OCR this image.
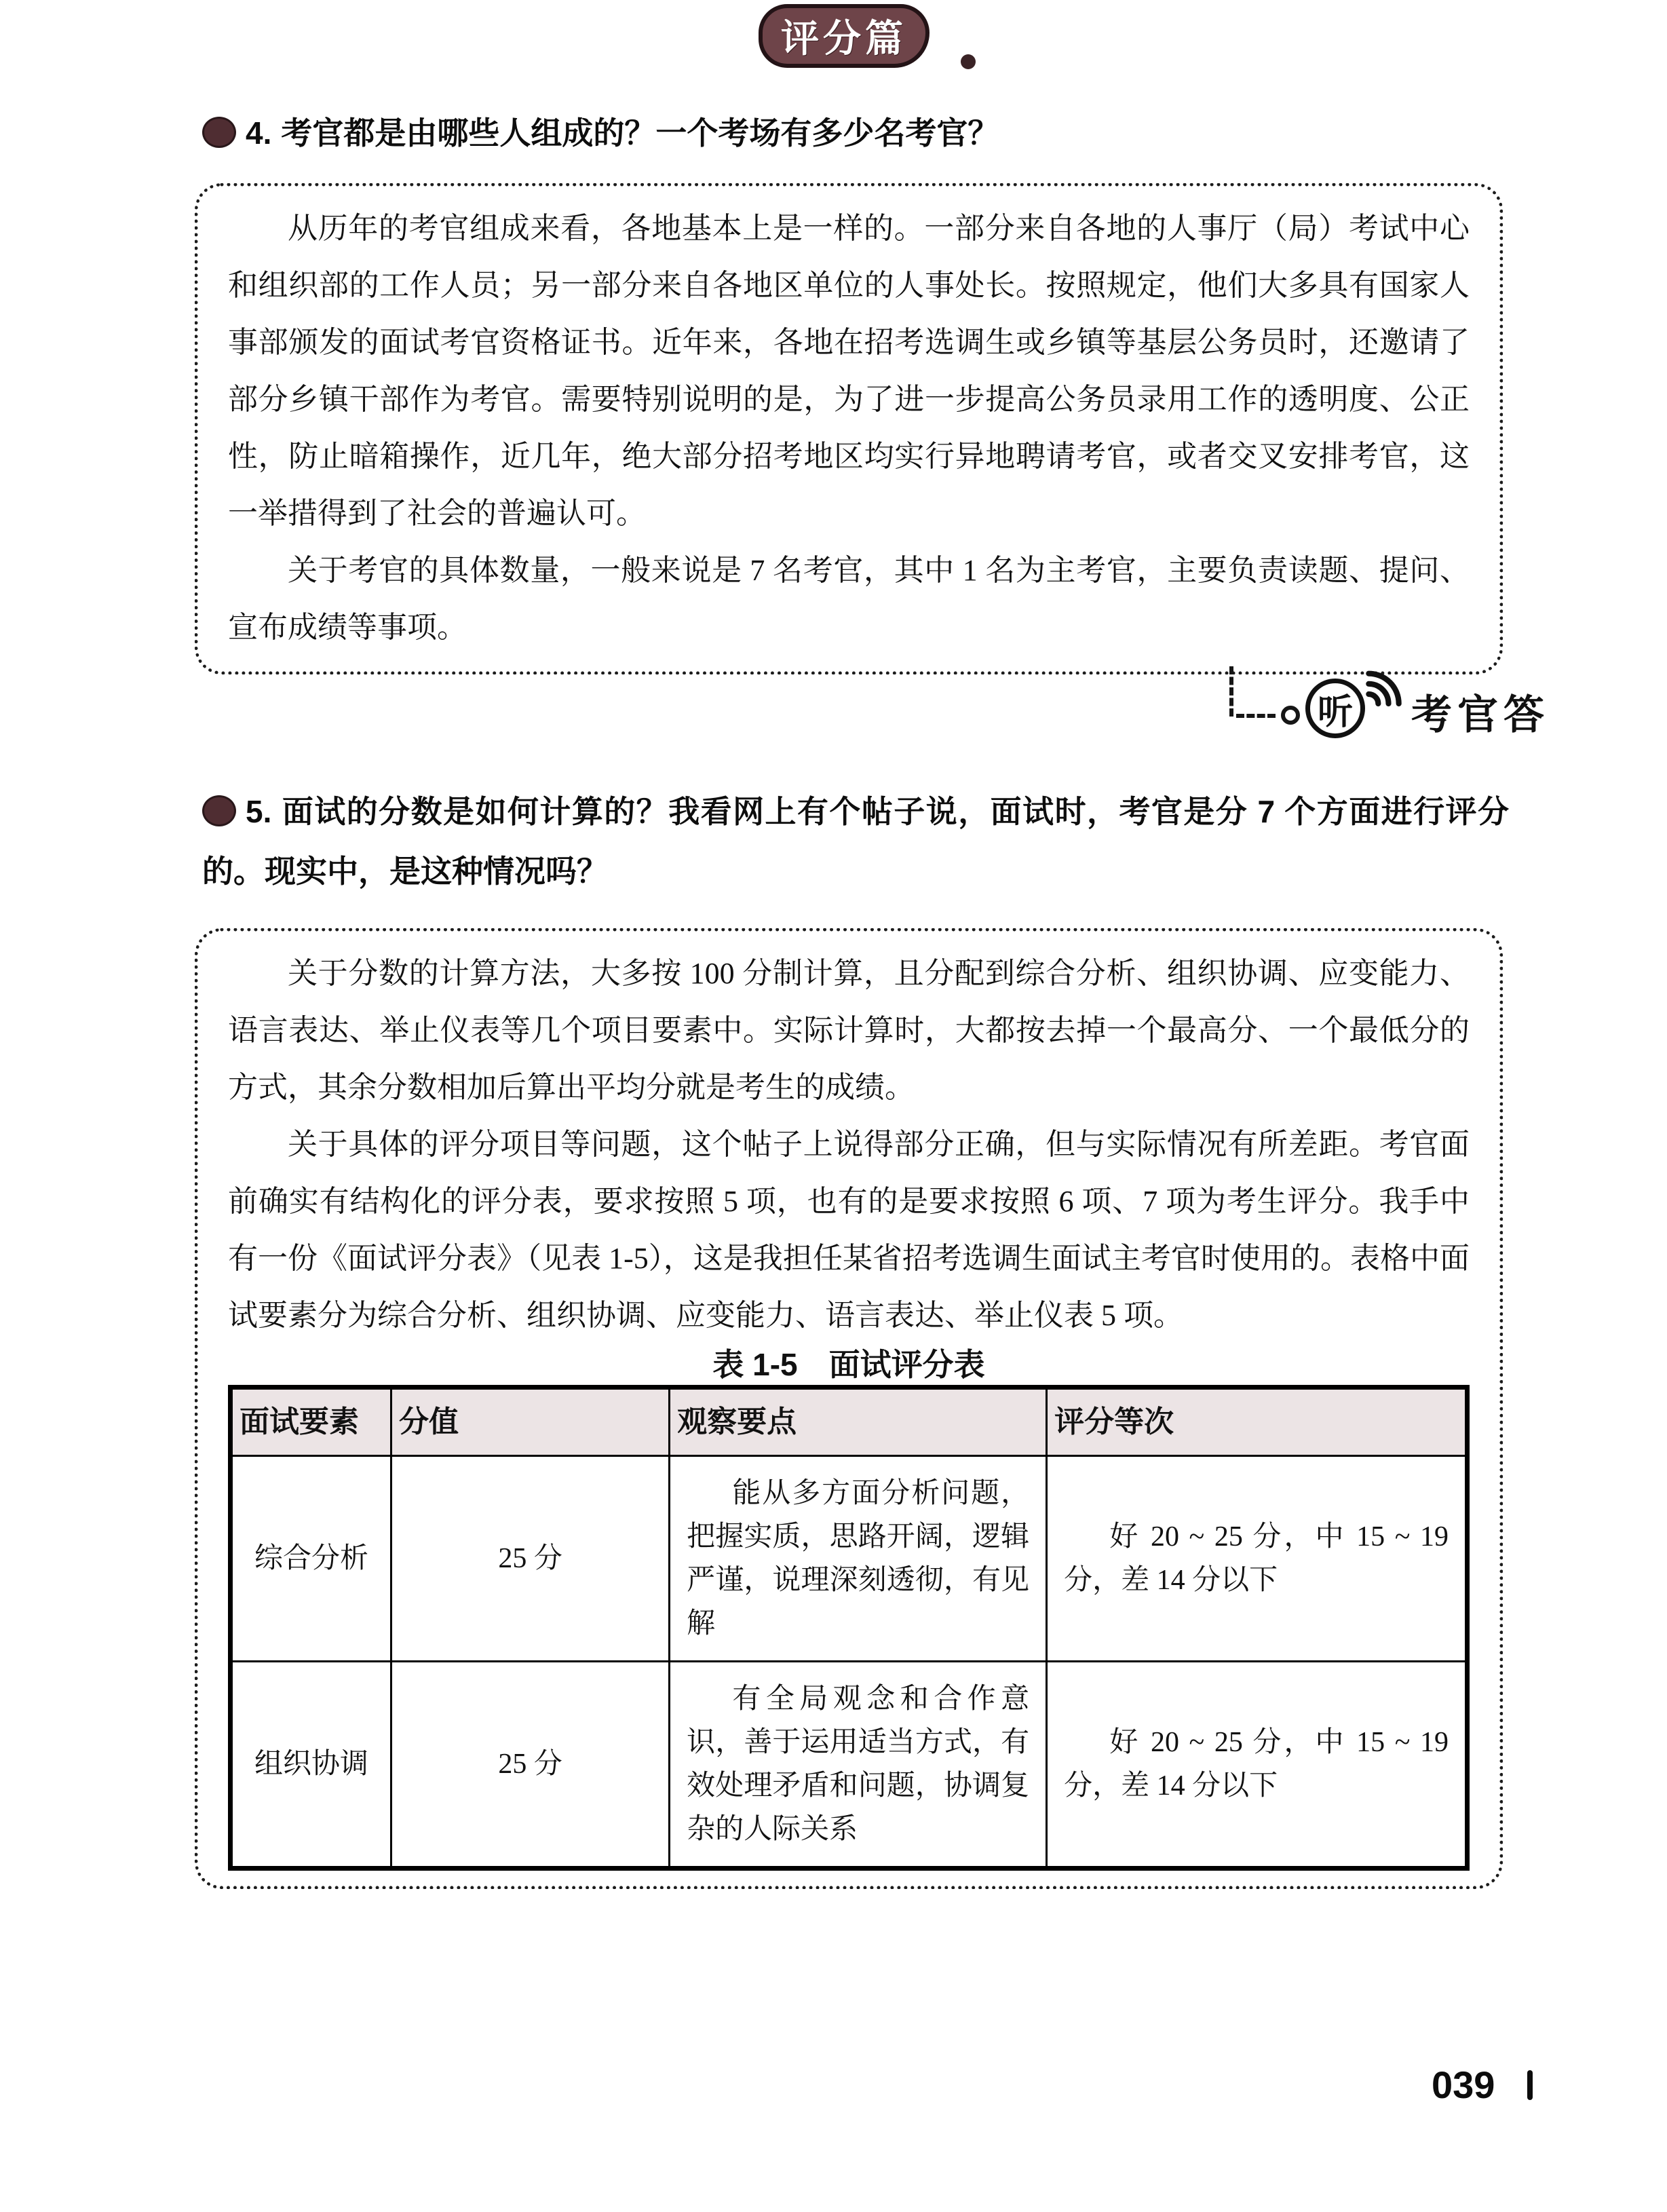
评分篇
4. 考官都是由哪些人组成的？一个考场有多少名考官？

从历年的考官组成来看，各地基本上是一样的。一部分来自各地的人事厅（局）考试中心和组织部的工作人员；另一部分来自各地区单位的人事处长。按照规定，他们大多具有国家人事部颁发的面试考官资格证书。近年来，各地在招考选调生或乡镇等基层公务员时，还邀请了部分乡镇干部作为考官。需要特别说明的是，为了进一步提高公务员录用工作的透明度、公正性，防止暗箱操作，近几年，绝大部分招考地区均实行异地聘请考官，或者交叉安排考官，这一举措得到了社会的普遍认可。

关于考官的具体数量，一般来说是 7 名考官，其中 1 名为主考官，主要负责读题、提问、宣布成绩等事项。

听 考官答
5. 面试的分数是如何计算的？我看网上有个帖子说，面试时，考官是分 7 个方面进行评分的。现实中，是这种情况吗？

关于分数的计算方法，大多按 100 分制计算，且分配到综合分析、组织协调、应变能力、语言表达、举止仪表等几个项目要素中。实际计算时，大都按去掉一个最高分、一个最低分的方式，其余分数相加后算出平均分就是考生的成绩。

关于具体的评分项目等问题，这个帖子上说得部分正确，但与实际情况有所差距。考官面前确实有结构化的评分表，要求按照 5 项，也有的是要求按照 6 项、7 项为考生评分。我手中有一份《面试评分表》（见表 1-5），这是我担任某省招考选调生面试主考官时使用的。表格中面试要素分为综合分析、组织协调、应变能力、语言表达、举止仪表 5 项。

表 1-5　面试评分表

面试要素	分值	观察要点	评分等次
综合分析	25 分	能从多方面分析问题，把握实质，思路开阔，逻辑严谨，说理深刻透彻，有见解	好 20 ~ 25 分，中 15 ~ 19 分，差 14 分以下
组织协调	25 分	有全局观念和合作意识，善于运用适当方式，有效处理矛盾和问题，协调复杂的人际关系	好 20 ~ 25 分，中 15 ~ 19 分，差 14 分以下
039
